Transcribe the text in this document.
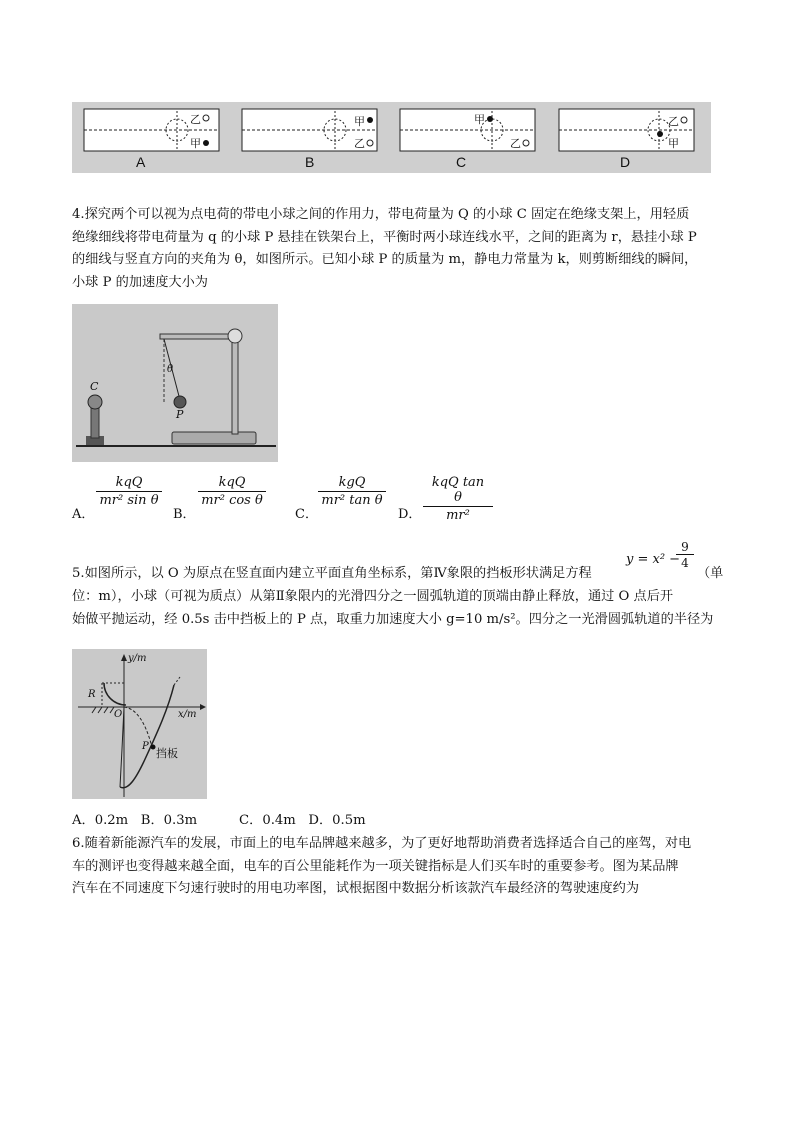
乙
甲
甲
乙
甲
乙
乙
甲
A	B	C	D
4.探究两个可以视为点电荷的带电小球之间的作用力，带电荷量为 Q 的小球 C 固定在绝缘支架上，用轻质
绝缘细线将带电荷量为 q 的小球 P 悬挂在铁架台上，平衡时两小球连线水平，之间的距离为 r，悬挂小球 P
的细线与竖直方向的夹角为 θ，如图所示。已知小球 P 的质量为 m，静电力常量为 k，则剪断细线的瞬间，
小球 P 的加速度大小为
C
θ
P
A．
kqQ
mr² sin θ
B．
kqQ
mr² cos θ
C．
kgQ
mr² tan θ
D．
kqQ tan θ
mr²
y = x² −
$\frac{9}{4}$
5.如图所示，以 O 为原点在竖直面内建立平面直角坐标系，第Ⅳ象限的挡板形状满足方程	（单
位：m），小球（可视为质点）从第Ⅱ象限内的光滑四分之一圆弧轨道的顶端由静止释放，通过 O 点后开
始做平抛运动，经 0.5s 击中挡板上的 P 点，取重力加速度大小 g=10 m/s²。四分之一光滑圆弧轨道的半径为
y/m
x/m
R
O
P
挡板
A．0.2m   B．0.3m          C．0.4m   D．0.5m
6.随着新能源汽车的发展，市面上的电车品牌越来越多，为了更好地帮助消费者选择适合自己的座驾，对电
车的测评也变得越来越全面，电车的百公里能耗作为一项关键指标是人们买车时的重要参考。图为某品牌
汽车在不同速度下匀速行驶时的用电功率图，试根据图中数据分析该款汽车最经济的驾驶速度约为
